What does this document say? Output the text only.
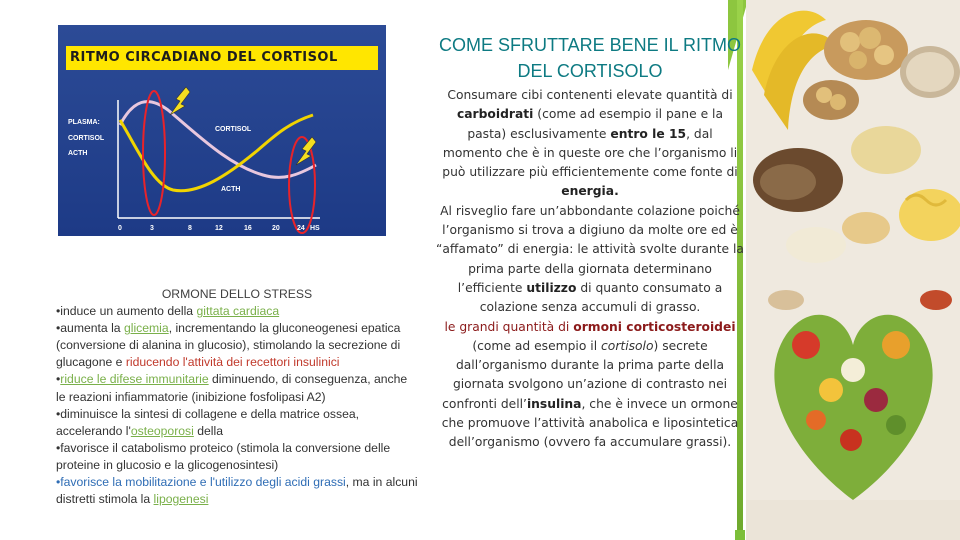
RITMO CIRCADIANO DEL CORTISOL
PLASMA:
CORTISOL
ACTH
CORTISOL
ACTH
0	3	8	12	16	20 24 HS

ORMONE DELLO STRESS

•induce un aumento della gittata cardiaca

•aumenta la glicemia, incrementando la gluconeogenesi epatica (conversione di alanina in glucosio), stimolando la secrezione di glucagone e riducendo l'attività dei recettori insulinici

•riduce le difese immunitarie diminuendo, di conseguenza, anche le reazioni infiammatorie (inibizione fosfolipasi A2)

•diminuisce la sintesi di collagene e della matrice ossea, accelerando l'osteoporosi della

•favorisce il catabolismo proteico (stimola la conversione delle proteine in glucosio e la glicogenosintesi)

•favorisce la mobilitazione e l'utilizzo degli acidi grassi, ma in alcuni distretti stimola la lipogenesi

COME SFRUTTARE BENE IL RITMO DEL CORTISOLO

Consumare cibi contenenti elevate quantità di carboidrati (come ad esempio il pane e la pasta) esclusivamente entro le 15, dal momento che è in queste ore che l’organismo li può utilizzare più efficientemente come fonte di energia.

Al risveglio fare un’abbondante colazione poiché l’organismo si trova a digiuno da molte ore ed è “affamato” di energia: le attività svolte durante la prima parte della giornata determinano l’efficiente utilizzo di quanto consumato a colazione senza accumuli di grasso.

le grandi quantità di ormoni corticosteroidei (come ad esempio il cortisolo) secrete dall’organismo durante la prima parte della giornata svolgono un’azione di contrasto nei confronti dell’insulina, che è invece un ormone che promuove l’attività anabolica e liposintetica dell’organismo (ovvero fa accumulare grassi).
